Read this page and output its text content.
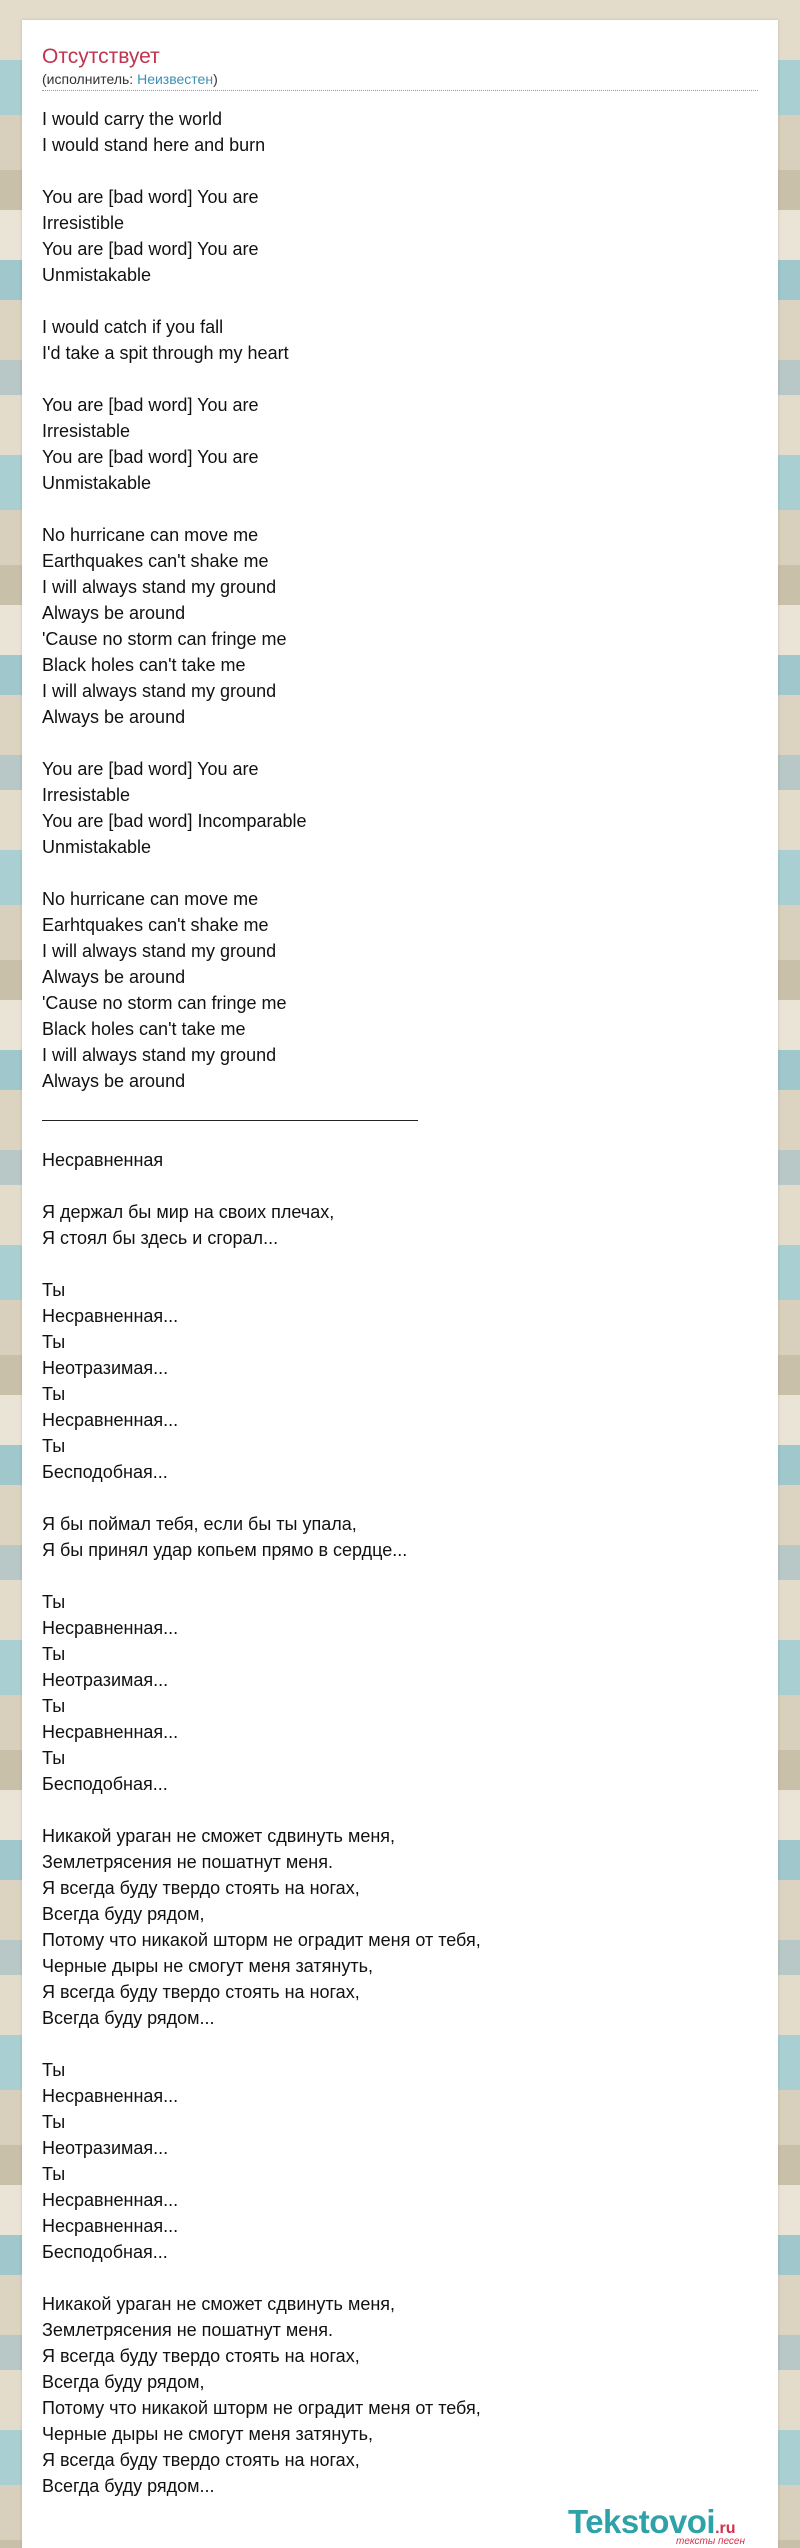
Отсутствует
(исполнитель: Неизвестен)
I would carry the world
I would stand here and burn
You are [bad word] You are
Irresistible
You are [bad word] You are
Unmistakable
I would catch if you fall
I'd take a spit through my heart
You are [bad word] You are
Irresistable
You are [bad word] You are
Unmistakable
No hurricane can move me
Earthquakes can't shake me
I will always stand my ground
Always be around
'Cause no storm can fringe me
Black holes can't take me
I will always stand my ground
Always be around
You are [bad word] You are
Irresistable
You are [bad word] Incomparable
Unmistakable
No hurricane can move me
Earhtquakes can't shake me
I will always stand my ground
Always be around
'Cause no storm can fringe me
Black holes can't take me
I will always stand my ground
Always be around
Несравненная
Я держал бы мир на своих плечах,
Я стоял бы здесь и сгорал...
Ты
Несравненная...
Ты
Неотразимая...
Ты
Несравненная...
Ты
Бесподобная...
Я бы поймал тебя, если бы ты упала,
Я бы принял удар копьем прямо в сердце...
Ты
Несравненная...
Ты
Неотразимая...
Ты
Несравненная...
Ты
Бесподобная...
Никакой ураган не сможет сдвинуть меня,
Землетрясения не пошатнут меня.
Я всегда буду твердо стоять на ногах,
Всегда буду рядом,
Потому что никакой шторм не оградит меня от тебя,
Черные дыры не смогут меня затянуть,
Я всегда буду твердо стоять на ногах,
Всегда буду рядом...
Ты
Несравненная...
Ты
Неотразимая...
Ты
Несравненная...
Несравненная...
Бесподобная...
Никакой ураган не сможет сдвинуть меня,
Землетрясения не пошатнут меня.
Я всегда буду твердо стоять на ногах,
Всегда буду рядом,
Потому что никакой шторм не оградит меня от тебя,
Черные дыры не смогут меня затянуть,
Я всегда буду твердо стоять на ногах,
Всегда буду рядом...
Tekstovoi.ru
тексты песен
